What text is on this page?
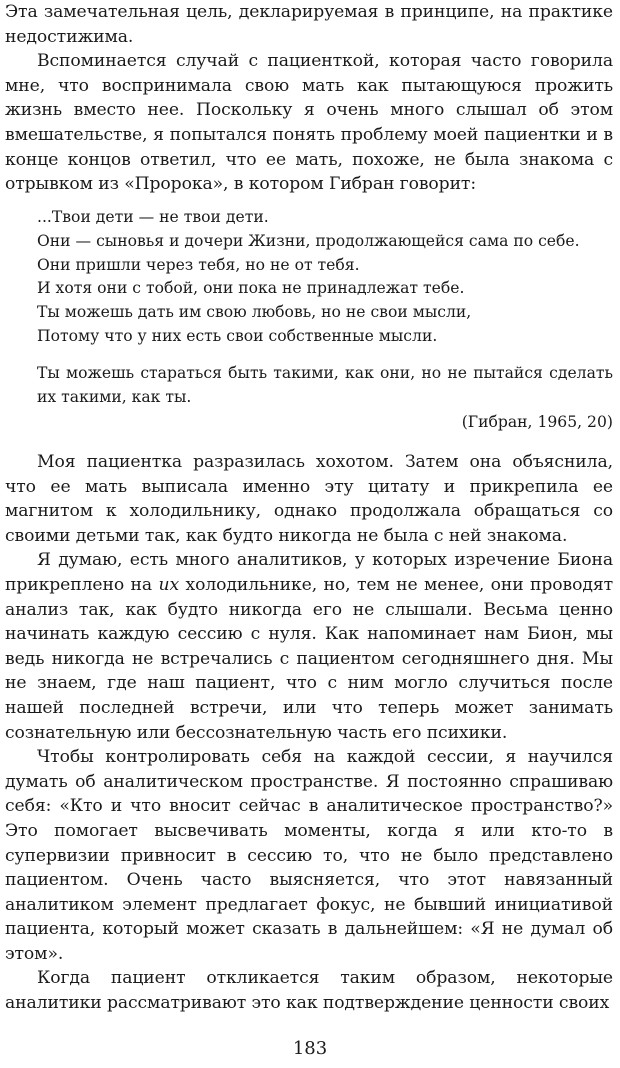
Эта замечательная цель, декларируемая в принципе, на практике недостижима.

Вспоминается случай с пациенткой, которая часто говорила мне, что воспринимала свою мать как пытающуюся прожить жизнь вместо нее. Поскольку я очень много слышал об этом вмешательстве, я попытался понять проблему моей пациентки и в конце концов ответил, что ее мать, похоже, не была знакома с отрывком из «Пророка», в котором Гибран говорит:

...Твои дети — не твои дети.
Они — сыновья и дочери Жизни, продолжающейся сама по себе.
Они пришли через тебя, но не от тебя.
И хотя они с тобой, они пока не принадлежат тебе.
Ты можешь дать им свою любовь, но не свои мысли,
Потому что у них есть свои собственные мысли.
Ты можешь стараться быть такими, как они, но не пытайся сделать их такими, как ты.
(Гибран, 1965, 20)

Моя пациентка разразилась хохотом. Затем она объяснила, что ее мать выписала именно эту цитату и прикрепила ее магнитом к холодильнику, однако продолжала обращаться со своими детьми так, как будто никогда не была с ней знакома.

Я думаю, есть много аналитиков, у которых изречение Биона прикреплено на их холодильнике, но, тем не менее, они проводят анализ так, как будто никогда его не слышали. Весьма ценно начинать каждую сессию с нуля. Как напоминает нам Бион, мы ведь никогда не встречались с пациентом сегодняшнего дня. Мы не знаем, где наш пациент, что с ним могло случиться после нашей последней встречи, или что теперь может занимать сознательную или бессознательную часть его психики.

Чтобы контролировать себя на каждой сессии, я научился думать об аналитическом пространстве. Я постоянно спрашиваю себя: «Кто и что вносит сейчас в аналитическое пространство?» Это помогает высвечивать моменты, когда я или кто-то в супервизии привносит в сессию то, что не было представлено пациентом. Очень часто выясняется, что этот навязанный аналитиком элемент предлагает фокус, не бывший инициативой пациента, который может сказать в дальнейшем: «Я не думал об этом».

Когда пациент откликается таким образом, некоторые аналитики рассматривают это как подтверждение ценности своих

183
